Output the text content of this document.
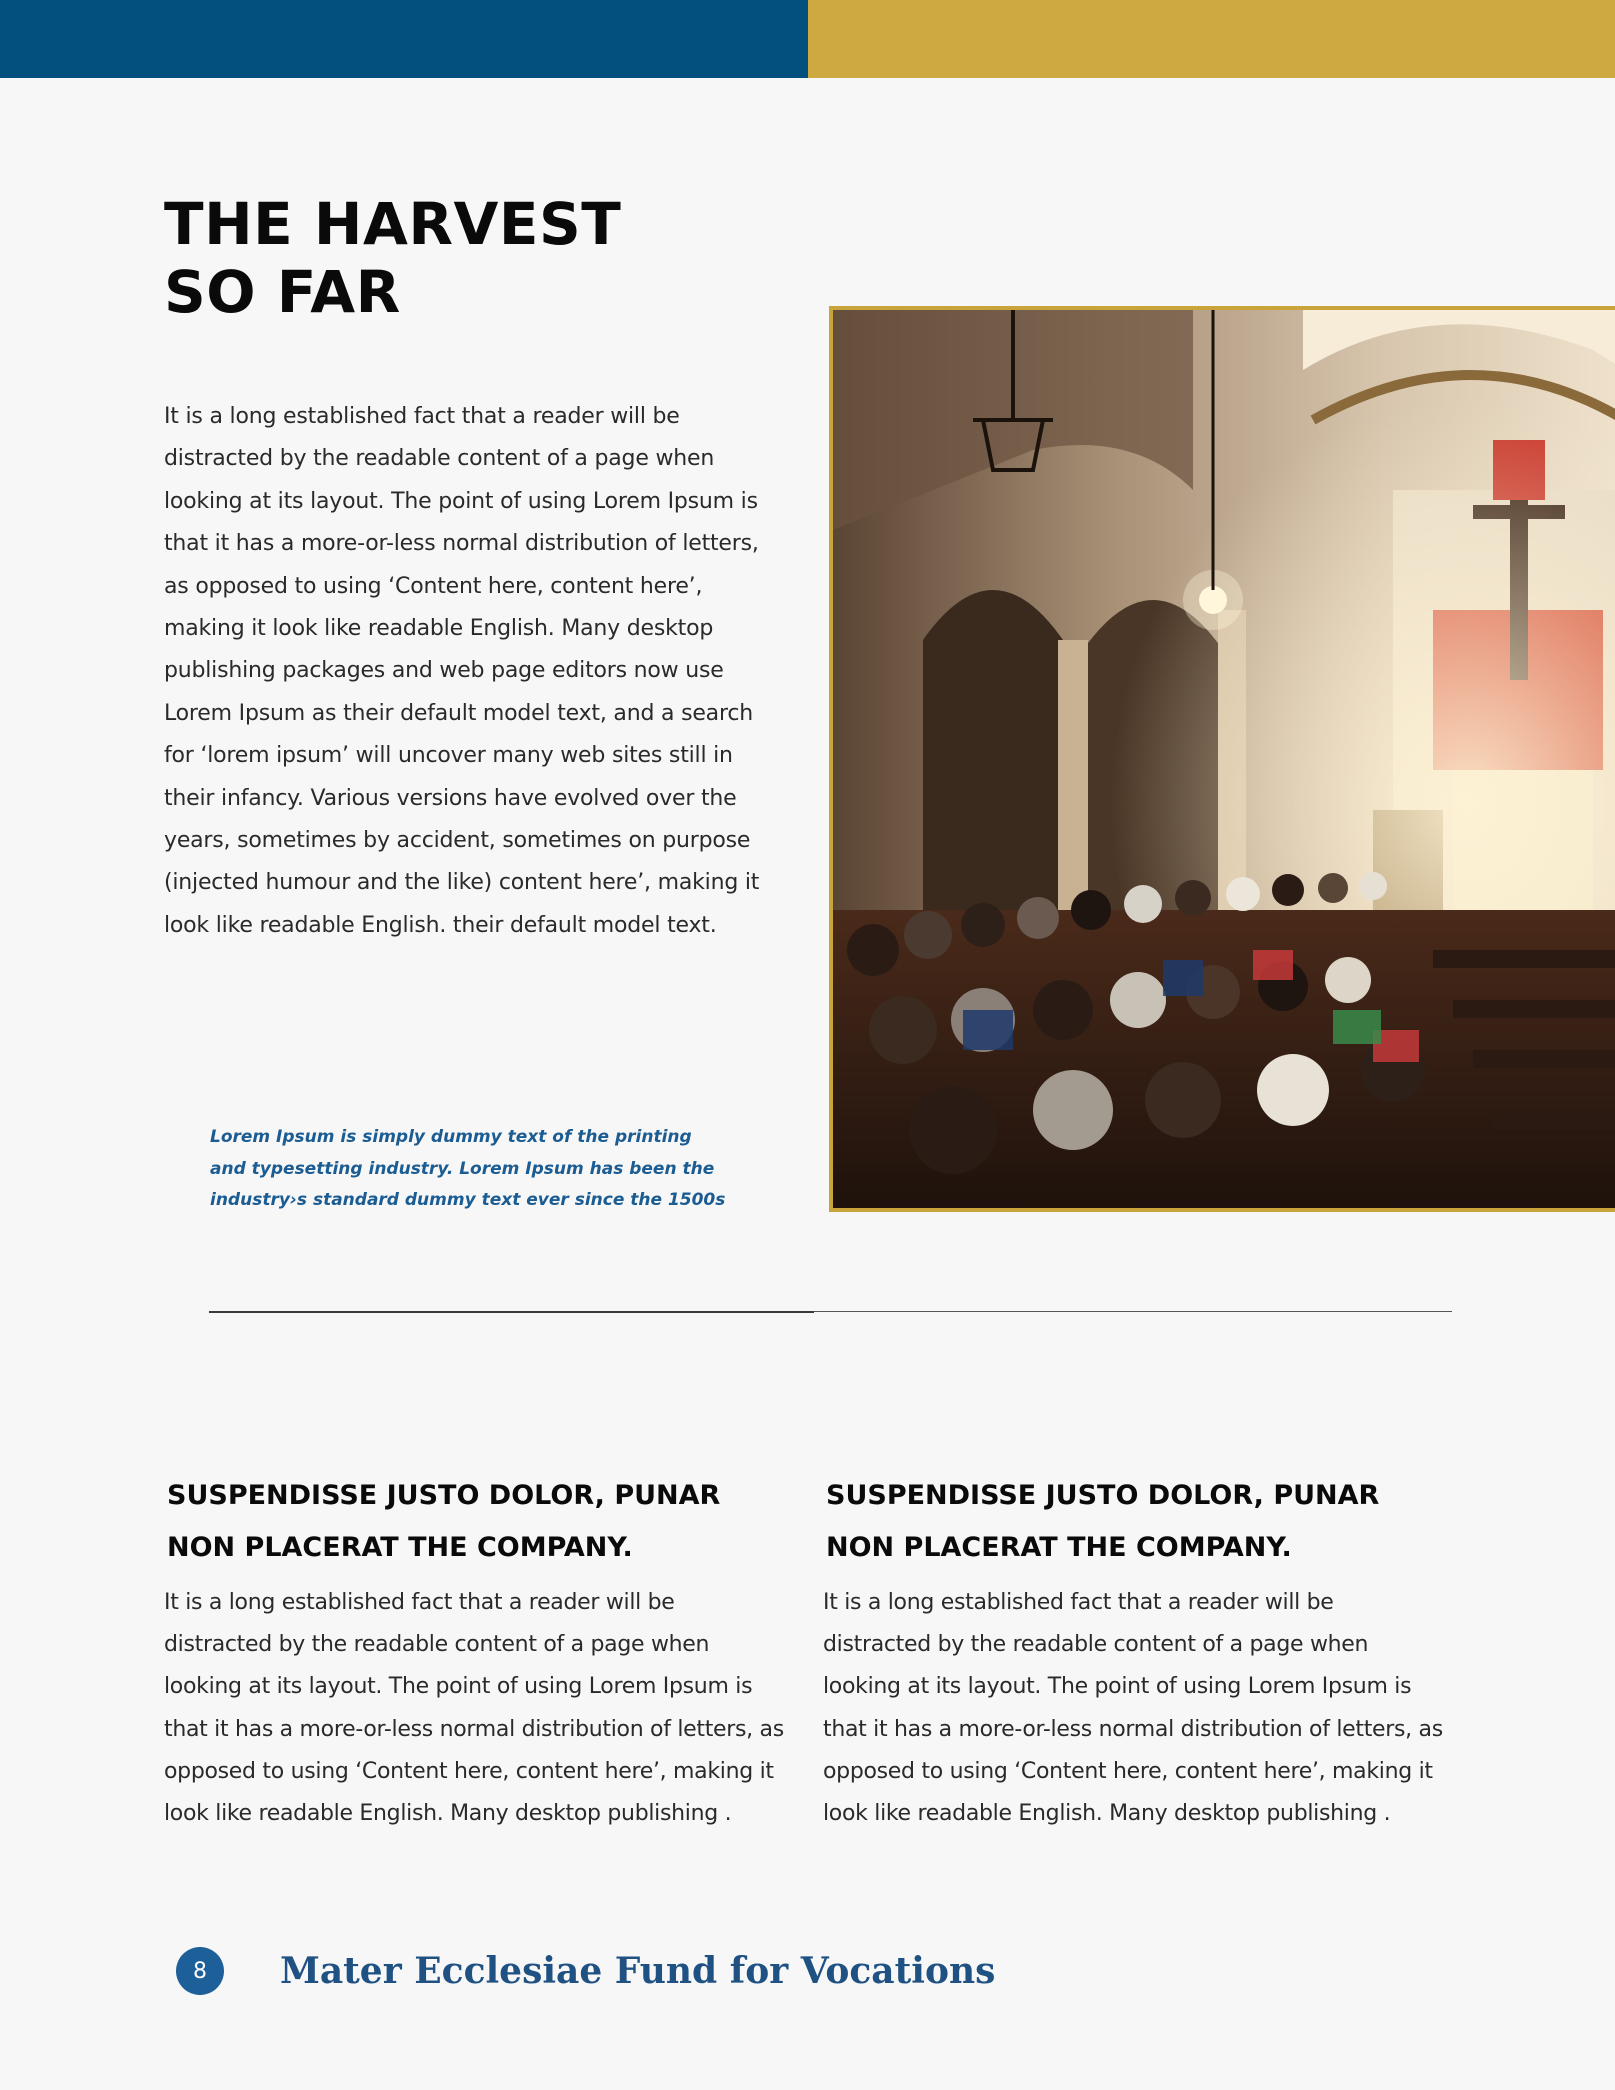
THE HARVEST
SO FAR

It is a long established fact that a reader will be distracted by the readable content of a page when looking at its layout. The point of using Lorem Ipsum is that it has a more-or-less normal distribution of letters, as opposed to using ‘Content here, content here’, making it look like readable English. Many desktop publishing packages and web page editors now use Lorem Ipsum as their default model text, and a search for ‘lorem ipsum’ will uncover many web sites still in their infancy. Various versions have evolved over the years, sometimes by accident, sometimes on purpose (injected humour and the like) content here’, making it look like readable English. their default model text.

Lorem Ipsum is simply dummy text of the printing and typesetting industry. Lorem Ipsum has been the industry›s standard dummy text ever since the 1500s

SUSPENDISSE JUSTO DOLOR, PUNAR NON PLACERAT THE COMPANY.

It is a long established fact that a reader will be distracted by the readable content of a page when looking at its layout. The point of using Lorem Ipsum is that it has a more-or-less normal distribution of letters, as opposed to using ‘Content here, content here’, making it look like readable English. Many desktop publishing .

SUSPENDISSE JUSTO DOLOR, PUNAR NON PLACERAT THE COMPANY.

It is a long established fact that a reader will be distracted by the readable content of a page when looking at its layout. The point of using Lorem Ipsum is that it has a more-or-less normal distribution of letters, as opposed to using ‘Content here, content here’, making it look like readable English. Many desktop publishing .

8	Mater Ecclesiae Fund for Vocations
